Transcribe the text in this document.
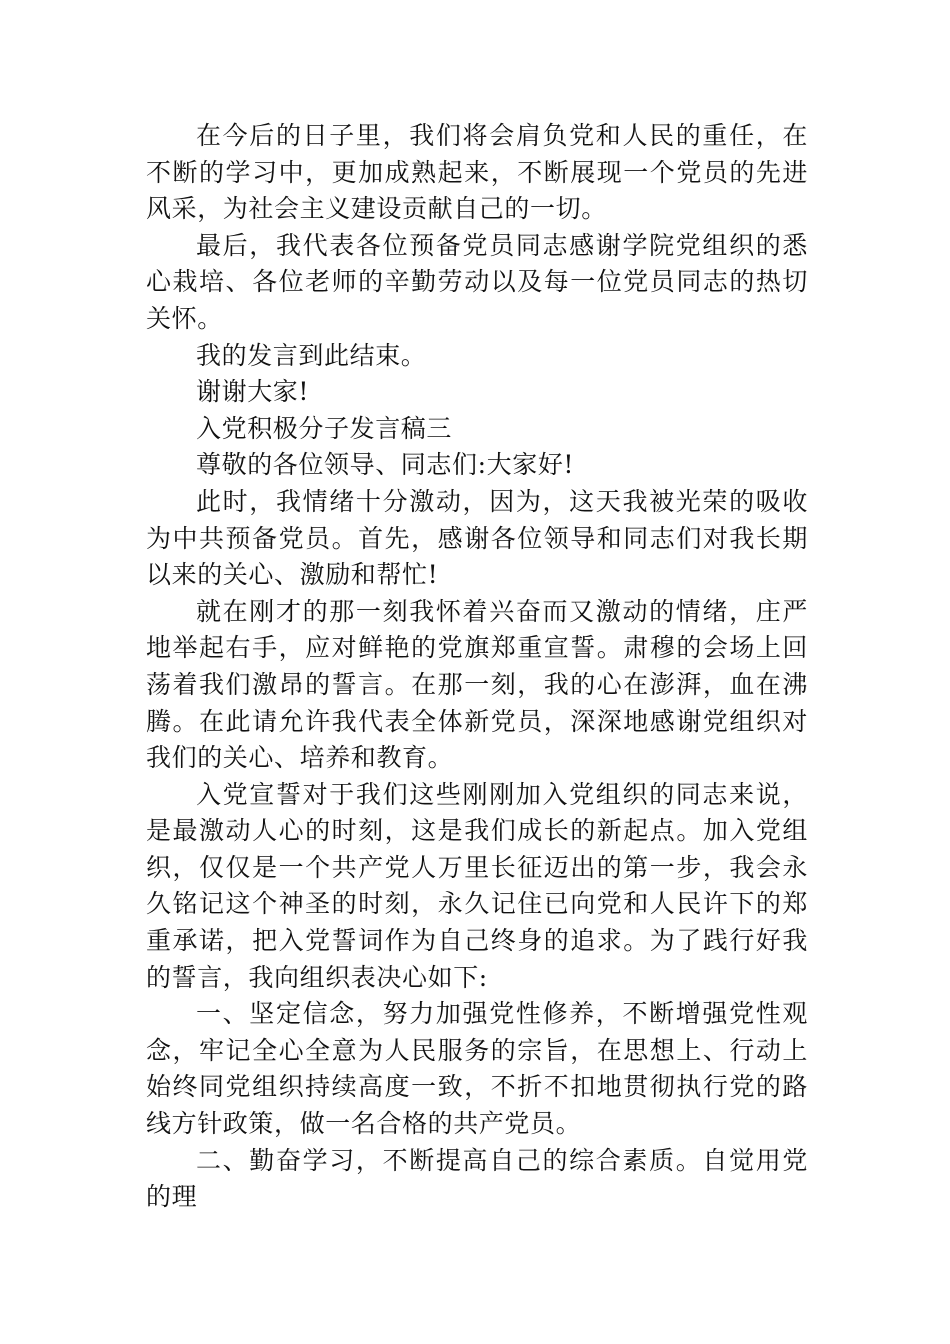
在今后的日子里，我们将会肩负党和人民的重任，在不断的学习中，更加成熟起来，不断展现一个党员的先进风采，为社会主义建设贡献自己的一切。

最后，我代表各位预备党员同志感谢学院党组织的悉心栽培、各位老师的辛勤劳动以及每一位党员同志的热切关怀。

我的发言到此结束。

谢谢大家!

入党积极分子发言稿三

尊敬的各位领导、同志们:大家好!

此时，我情绪十分激动，因为，这天我被光荣的吸收为中共预备党员。首先，感谢各位领导和同志们对我长期以来的关心、激励和帮忙!

就在刚才的那一刻我怀着兴奋而又激动的情绪，庄严地举起右手，应对鲜艳的党旗郑重宣誓。肃穆的会场上回荡着我们激昂的誓言。在那一刻，我的心在澎湃，血在沸腾。在此请允许我代表全体新党员，深深地感谢党组织对我们的关心、培养和教育。

入党宣誓对于我们这些刚刚加入党组织的同志来说，是最激动人心的时刻，这是我们成长的新起点。加入党组织，仅仅是一个共产党人万里长征迈出的第一步，我会永久铭记这个神圣的时刻，永久记住已向党和人民许下的郑重承诺，把入党誓词作为自己终身的追求。为了践行好我的誓言，我向组织表决心如下:

一、坚定信念，努力加强党性修养，不断增强党性观念，牢记全心全意为人民服务的宗旨，在思想上、行动上始终同党组织持续高度一致，不折不扣地贯彻执行党的路线方针政策，做一名合格的共产党员。

二、勤奋学习，不断提高自己的综合素质。自觉用党的理
